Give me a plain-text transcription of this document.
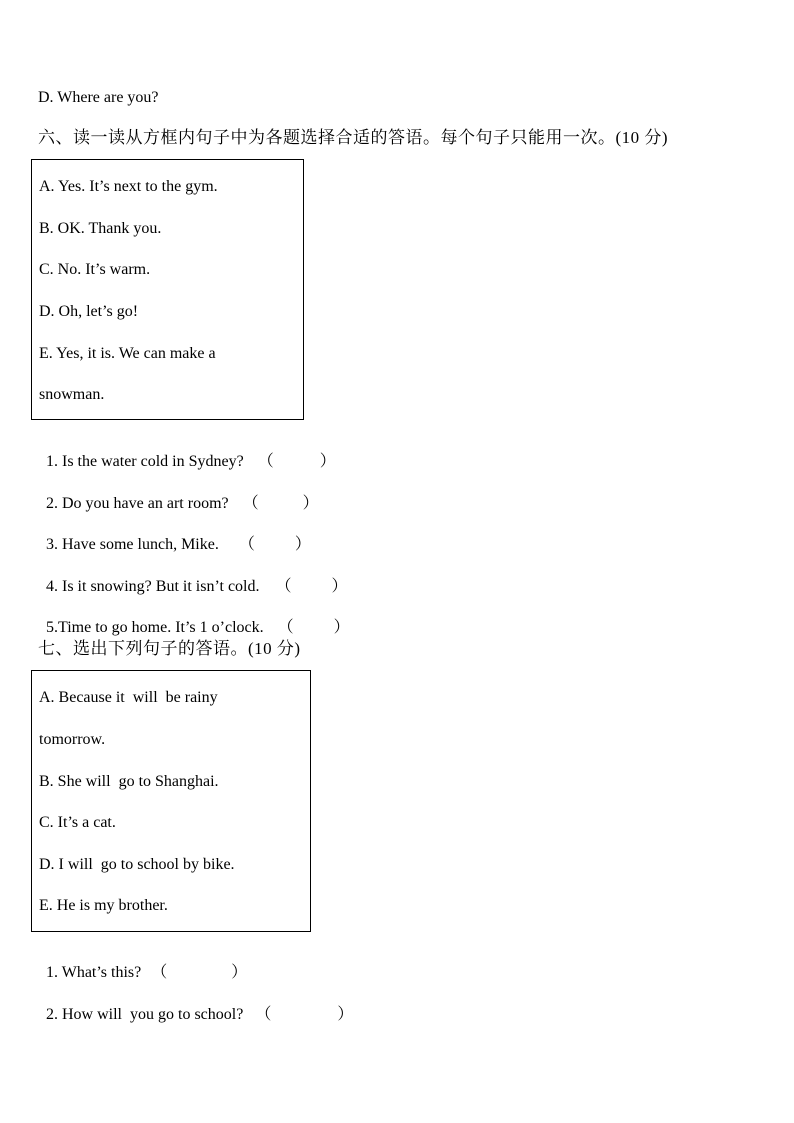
D. Where are you?
六、读一读从方框内句子中为各题选择合适的答语。每个句子只能用一次。(10 分)
A. Yes. It’s next to the gym.
B. OK. Thank you.
C. No. It’s warm.
D. Oh, let’s go!
E. Yes, it is. We can make a
snowman.

1. Is the water cold in Sydney? （	）

2. Do you have an art room? （	）

3. Have some lunch, Mike. （	）

4. Is it snowing? But it isn’t cold. （	）

5.Time to go home. It’s 1 o’clock. （	）

七、选出下列句子的答语。(10 分)
A. Because it  will  be rainy
tomorrow.
B. She will  go to Shanghai.
C. It’s a cat.
D. I will  go to school by bike.
E. He is my brother.

1. What’s this? （	）

2. How will  you go to school? （	）
